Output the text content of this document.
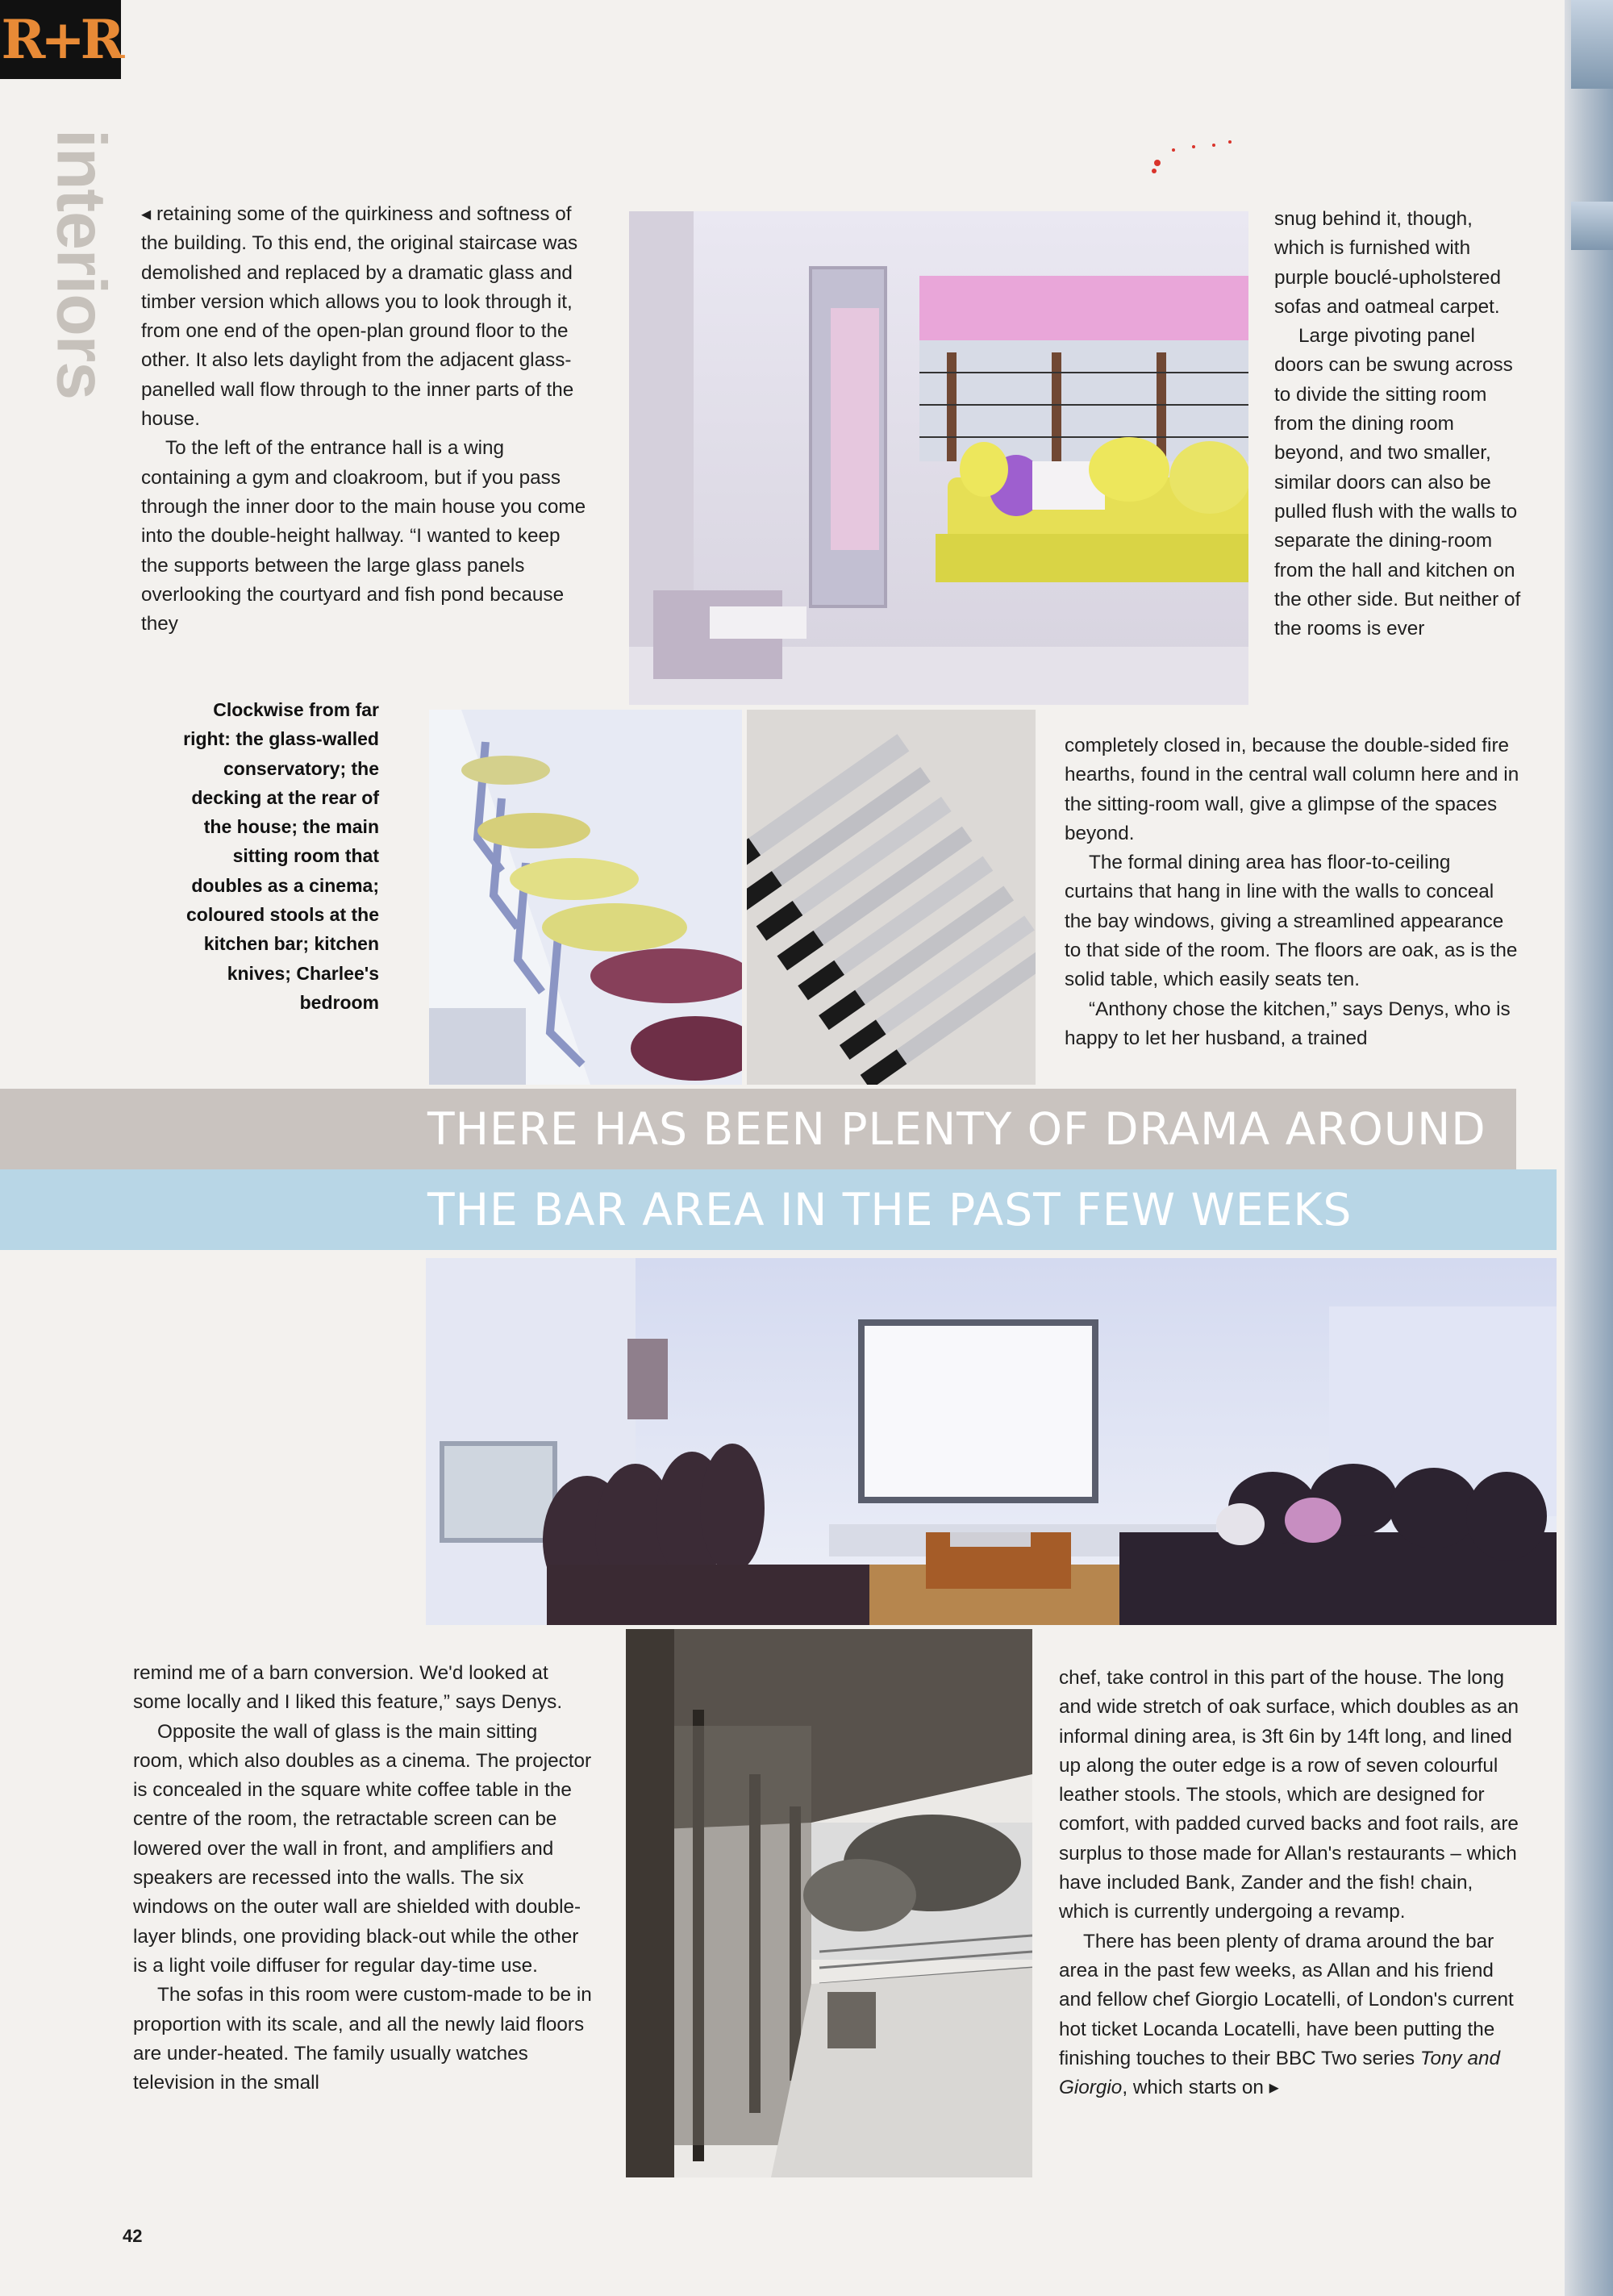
R+R
interiors ◂ retaining some of the quirkiness and softness of the building. To this end, the original staircase was demolished and replaced by a dramatic glass and timber version which allows you to look through it, from one end of the open-plan ground floor to the other. It also lets daylight from the adjacent glass-panelled wall flow through to the inner parts of the house.

To the left of the entrance hall is a wing containing a gym and cloakroom, but if you pass through the inner door to the main house you come into the double-height hallway. “I wanted to keep the supports between the large glass panels overlooking the courtyard and fish pond because they

snug behind it, though, which is furnished with purple bouclé-upholstered sofas and oatmeal carpet.

Large pivoting panel doors can be swung across to divide the sitting room from the dining room beyond, and two smaller, similar doors can also be pulled flush with the walls to separate the dining-room from the hall and kitchen on the other side. But neither of the rooms is ever

Clockwise from far right: the glass-walled conservatory; the decking at the rear of the house; the main sitting room that doubles as a cinema; coloured stools at the kitchen bar; kitchen knives; Charlee's bedroom

completely closed in, because the double-sided fire hearths, found in the central wall column here and in the sitting-room wall, give a glimpse of the spaces beyond.

The formal dining area has floor-to-ceiling curtains that hang in line with the walls to conceal the bay windows, giving a streamlined appearance to that side of the room. The floors are oak, as is the solid table, which easily seats ten.

“Anthony chose the kitchen,” says Denys, who is happy to let her husband, a trained

THERE HAS BEEN PLENTY OF DRAMA AROUND
THE BAR AREA IN THE PAST FEW WEEKS

remind me of a barn conversion. We'd looked at some locally and I liked this feature,” says Denys.

Opposite the wall of glass is the main sitting room, which also doubles as a cinema. The projector is concealed in the square white coffee table in the centre of the room, the retractable screen can be lowered over the wall in front, and amplifiers and speakers are recessed into the walls. The six windows on the outer wall are shielded with double-layer blinds, one providing black-out while the other is a light voile diffuser for regular day-time use.

The sofas in this room were custom-made to be in proportion with its scale, and all the newly laid floors are under-heated. The family usually watches television in the small

chef, take control in this part of the house. The long and wide stretch of oak surface, which doubles as an informal dining area, is 3ft 6in by 14ft long, and lined up along the outer edge is a row of seven colourful leather stools. The stools, which are designed for comfort, with padded curved backs and foot rails, are surplus to those made for Allan's restaurants – which have included Bank, Zander and the fish! chain, which is currently undergoing a revamp.

There has been plenty of drama around the bar area in the past few weeks, as Allan and his friend and fellow chef Giorgio Locatelli, of London's current hot ticket Locanda Locatelli, have been putting the finishing touches to their BBC Two series Tony and Giorgio, which starts on ▸

42
